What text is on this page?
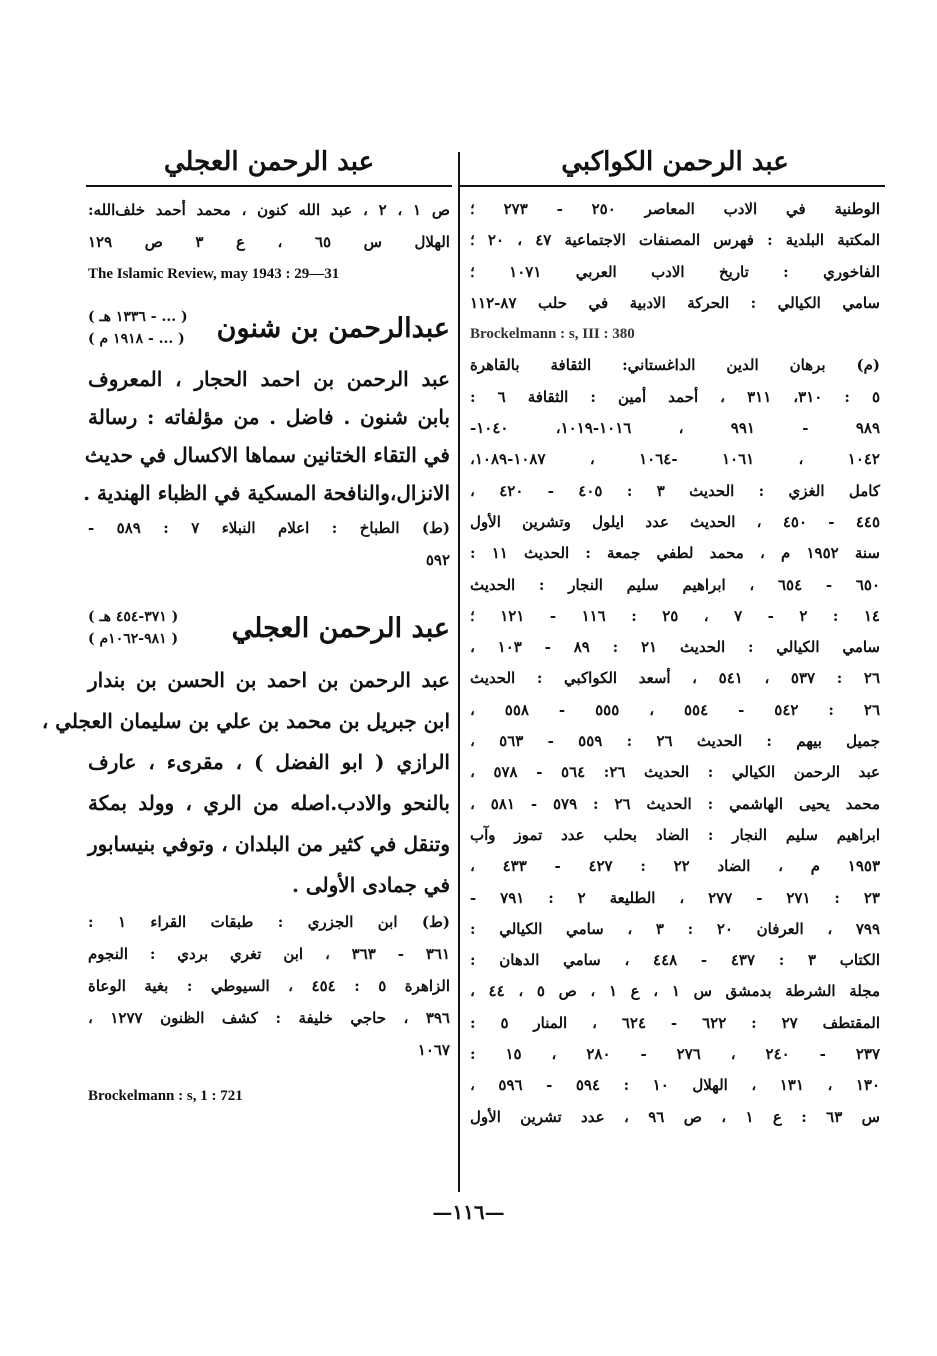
عبد الرحمن الكواكبي
الوطنية في الادب المعاصر ٢٥٠ - ٢٧٣ ؛
المكتبة البلدية : فهرس المصنفات الاجتماعية ٤٧ ، ٢٠ ؛
الفاخوري : تاريخ الادب العربي ١٠٧١ ؛
سامي الكيالي : الحركة الادبية في حلب ٨٧-١١٢
Brockelmann : s, III : 380
(م) برهان الدين الداغستاني: الثقافة بالقاهرة
٥ : ٣١٠، ٣١١ ، أحمد أمين : الثقافة ٦ :
٩٨٩ - ٩٩١ ، ١٠١٦-١٠١٩، ١٠٤٠-
١٠٤٢ ، ١٠٦١ -١٠٦٤ ، ١٠٨٧-١٠٨٩،
كامل الغزي : الحديث ٣ : ٤٠٥ - ٤٢٠ ،
٤٤٥ - ٤٥٠ ، الحديث عدد ايلول وتشرين الأول
سنة ١٩٥٢ م ، محمد لطفي جمعة : الحديث ١١ :
٦٥٠ - ٦٥٤ ، ابراهيم سليم النجار : الحديث
١٤ : ٢ - ٧ ، ٢٥ : ١١٦ - ١٢١ ؛
سامي الكيالي : الحديث ٢١ : ٨٩ - ١٠٣ ،
٢٦ : ٥٣٧ ، ٥٤١ ، أسعد الكواكبي : الحديث
٢٦ : ٥٤٢ - ٥٥٤ ، ٥٥٥ - ٥٥٨ ،
جميل بيهم : الحديث ٢٦ : ٥٥٩ - ٥٦٣ ،
عبد الرحمن الكيالي : الحديث ٢٦: ٥٦٤ - ٥٧٨ ،
محمد يحيى الهاشمي : الحديث ٢٦ : ٥٧٩ - ٥٨١ ،
ابراهيم سليم النجار : الضاد بحلب عدد تموز وآب
١٩٥٣ م ، الضاد ٢٢ : ٤٢٧ - ٤٣٣ ،
٢٣ : ٢٧١ - ٢٧٧ ، الطليعة ٢ : ٧٩١ -
٧٩٩ ، العرفان ٢٠ : ٣ ، سامي الكيالي :
الكتاب ٣ : ٤٣٧ - ٤٤٨ ، سامي الدهان :
مجلة الشرطة بدمشق س ١ ، ع ١ ، ص ٥ ، ٤٤ ،
المقتطف ٢٧ : ٦٢٢ - ٦٢٤ ، المنار ٥ :
٢٣٧ - ٢٤٠ ، ٢٧٦ - ٢٨٠ ، ١٥ :
١٣٠ ، ١٣١ ، الهلال ١٠ : ٥٩٤ - ٥٩٦ ،
س ٦٣ : ع ١ ، ص ٩٦ ، عدد تشرين الأول
عبد الرحمن العجلي
ص ١ ، ٢ ، عبد الله كنون ، محمد أحمد خلف‌الله:
الهلال س ٦٥ ، ع ٣ ص ١٢٩
The Islamic Review, may 1943 : 29—31
عبدالرحمن بن شنون
( ... - ١٣٣٦ هـ )
( ... - ١٩١٨ م )
عبد الرحمن بن احمد الحجار ، المعروف
بابن شنون . فاضل . من مؤلفاته : رسالة
في التقاء الختانين سماها الاكسال في حديث
الانزال،والنافحة المسكية في الظباء الهندية .
(ط) الطباخ : اعلام النبلاء ٧ : ٥٨٩ -
٥٩٢
عبد الرحمن العجلي
( ٣٧١-٤٥٤ هـ )
( ٩٨١-١٠٦٢م )
عبد الرحمن بن احمد بن الحسن بن بندار
ابن جبريل بن محمد بن علي بن سليمان العجلي ،
الرازي ( ابو الفضل ) ، مقرىء ، عارف
بالنحو والادب.اصله من الري ، وولد بمكة
وتنقل في كثير من البلدان ، وتوفي بنيسابور
في جمادى الأولى .
(ط) ابن الجزري : طبقات القراء ١ :
٣٦١ - ٣٦٣ ، ابن تغري بردي : النجوم
الزاهرة ٥ : ٤٥٤ ، السيوطي : بغية الوعاة
٣٩٦ ، حاجي خليفة : كشف الظنون ١٢٧٧ ،
١٠٦٧
Brockelmann : s, 1 : 721
—١١٦—
